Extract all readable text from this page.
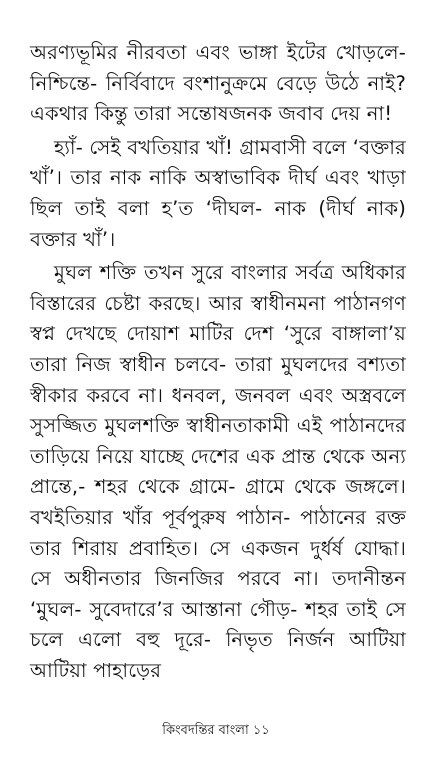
অরণ্যভূমির নীরবতা এবং ভাঙ্গা ইটের খোড়লে- নিশ্চিন্তে- নির্বিবাদে বংশানুক্রমে বেড়ে উঠে নাই? একথার কিন্তু তারা সন্তোষজনক জবাব দেয় না!

হ্যাঁ- সেই বখতিয়ার খাঁ! গ্রামবাসী বলে ‘বক্তার খাঁ’। তার নাক নাকি অস্বাভাবিক দীর্ঘ এবং খাড়া ছিল তাই বলা হ’ত ‘দীঘল- নাক (দীর্ঘ নাক) বক্তার খাঁ’।

মুঘল শক্তি তখন সুরে বাংলার সর্বত্র অধিকার বিস্তারের চেষ্টা করছে। আর স্বাধীনমনা পাঠানগণ স্বপ্ন দেখছে দোয়াশ মাটির দেশ ‘সুরে বাঙ্গালা’য় তারা নিজ স্বাধীন চলবে- তারা মুঘলদের বশ্যতা স্বীকার করবে না। ধনবল, জনবল এবং অস্ত্রবলে সুসজ্জিত মুঘলশক্তি স্বাধীনতাকামী এই পাঠানদের তাড়িয়ে নিয়ে যাচ্ছে দেশের এক প্রান্ত থেকে অন্য প্রান্তে,- শহর থেকে গ্রামে- গ্রামে থেকে জঙ্গলে। বখইতিয়ার খাঁর পূর্বপুরুষ পাঠান- পাঠানের রক্ত তার শিরায় প্রবাহিত। সে একজন দুর্ধর্ষ যোদ্ধা। সে অধীনতার জিনজির পরবে না। তদানীন্তন ‘মুঘল- সুবেদারে’র আস্তানা গৌড়- শহর তাই সে চলে এলো বহু দূরে- নিভৃত নির্জন আটিয়া আটিয়া পাহাড়ের

কিংবদন্তির বাংলা ১১
